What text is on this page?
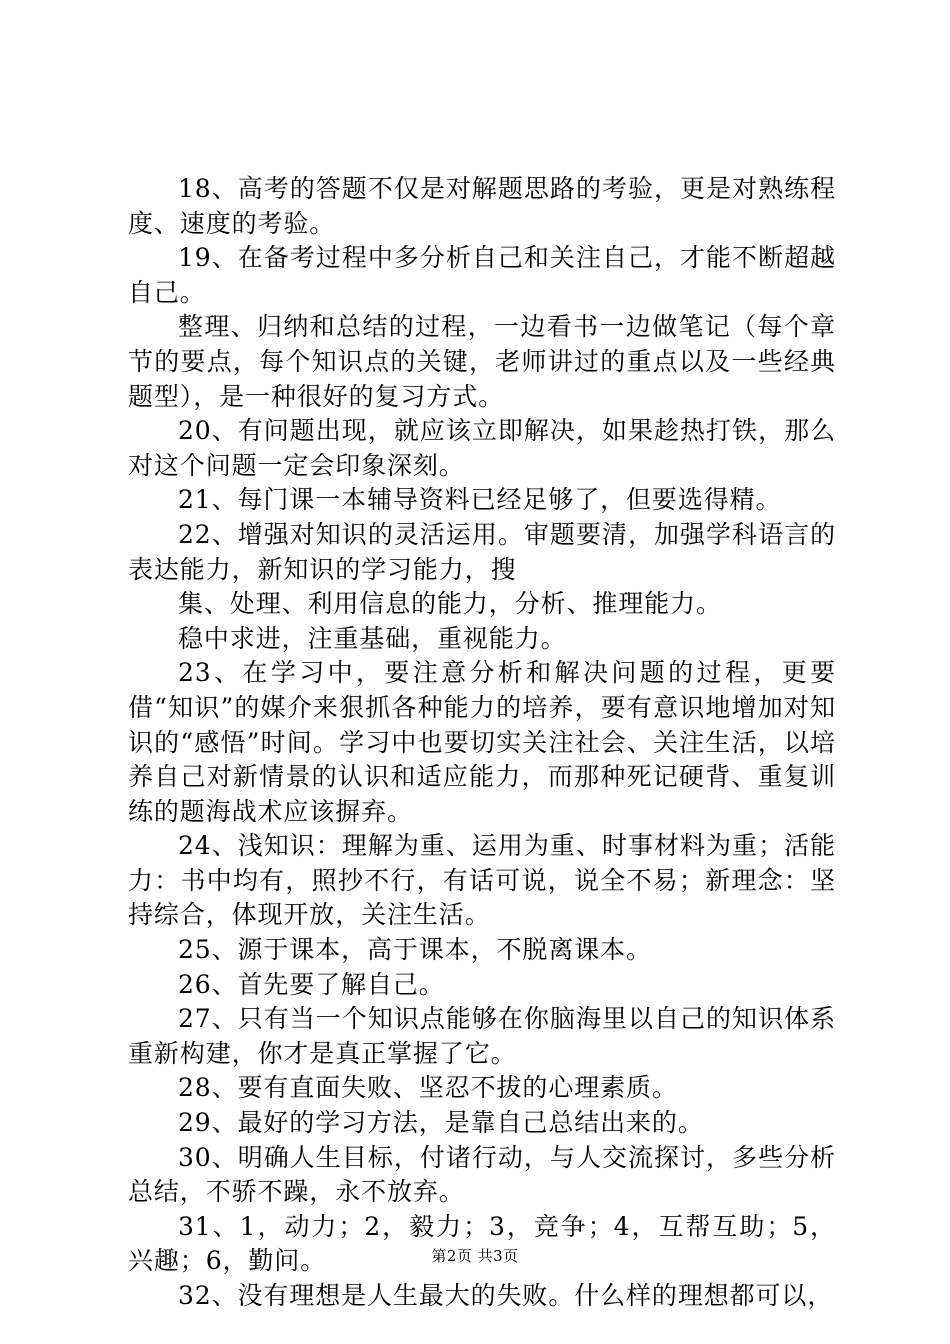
18、高考的答题不仅是对解题思路的考验，更是对熟练程度、速度的考验。

19、在备考过程中多分析自己和关注自己，才能不断超越自己。

整理、归纳和总结的过程，一边看书一边做笔记（每个章节的要点，每个知识点的关键，老师讲过的重点以及一些经典题型），是一种很好的复习方式。

20、有问题出现，就应该立即解决，如果趁热打铁，那么对这个问题一定会印象深刻。

21、每门课一本辅导资料已经足够了，但要选得精。

22、增强对知识的灵活运用。审题要清，加强学科语言的表达能力，新知识的学习能力，搜

集、处理、利用信息的能力，分析、推理能力。

稳中求进，注重基础，重视能力。

23、在学习中，要注意分析和解决问题的过程，更要借“知识”的媒介来狠抓各种能力的培养，要有意识地增加对知识的“感悟”时间。学习中也要切实关注社会、关注生活，以培养自己对新情景的认识和适应能力，而那种死记硬背、重复训练的题海战术应该摒弃。

24、浅知识：理解为重、运用为重、时事材料为重；活能力：书中均有，照抄不行，有话可说，说全不易；新理念：坚持综合，体现开放，关注生活。

25、源于课本，高于课本，不脱离课本。

26、首先要了解自己。

27、只有当一个知识点能够在你脑海里以自己的知识体系重新构建，你才是真正掌握了它。

28、要有直面失败、坚忍不拔的心理素质。

29、最好的学习方法，是靠自己总结出来的。

30、明确人生目标，付诸行动，与人交流探讨，多些分析总结，不骄不躁，永不放弃。

31、1，动力；2，毅力；3，竞争；4，互帮互助；5，兴趣；6，勤问。

32、没有理想是人生最大的失败。什么样的理想都可以，

第2页 共3页
